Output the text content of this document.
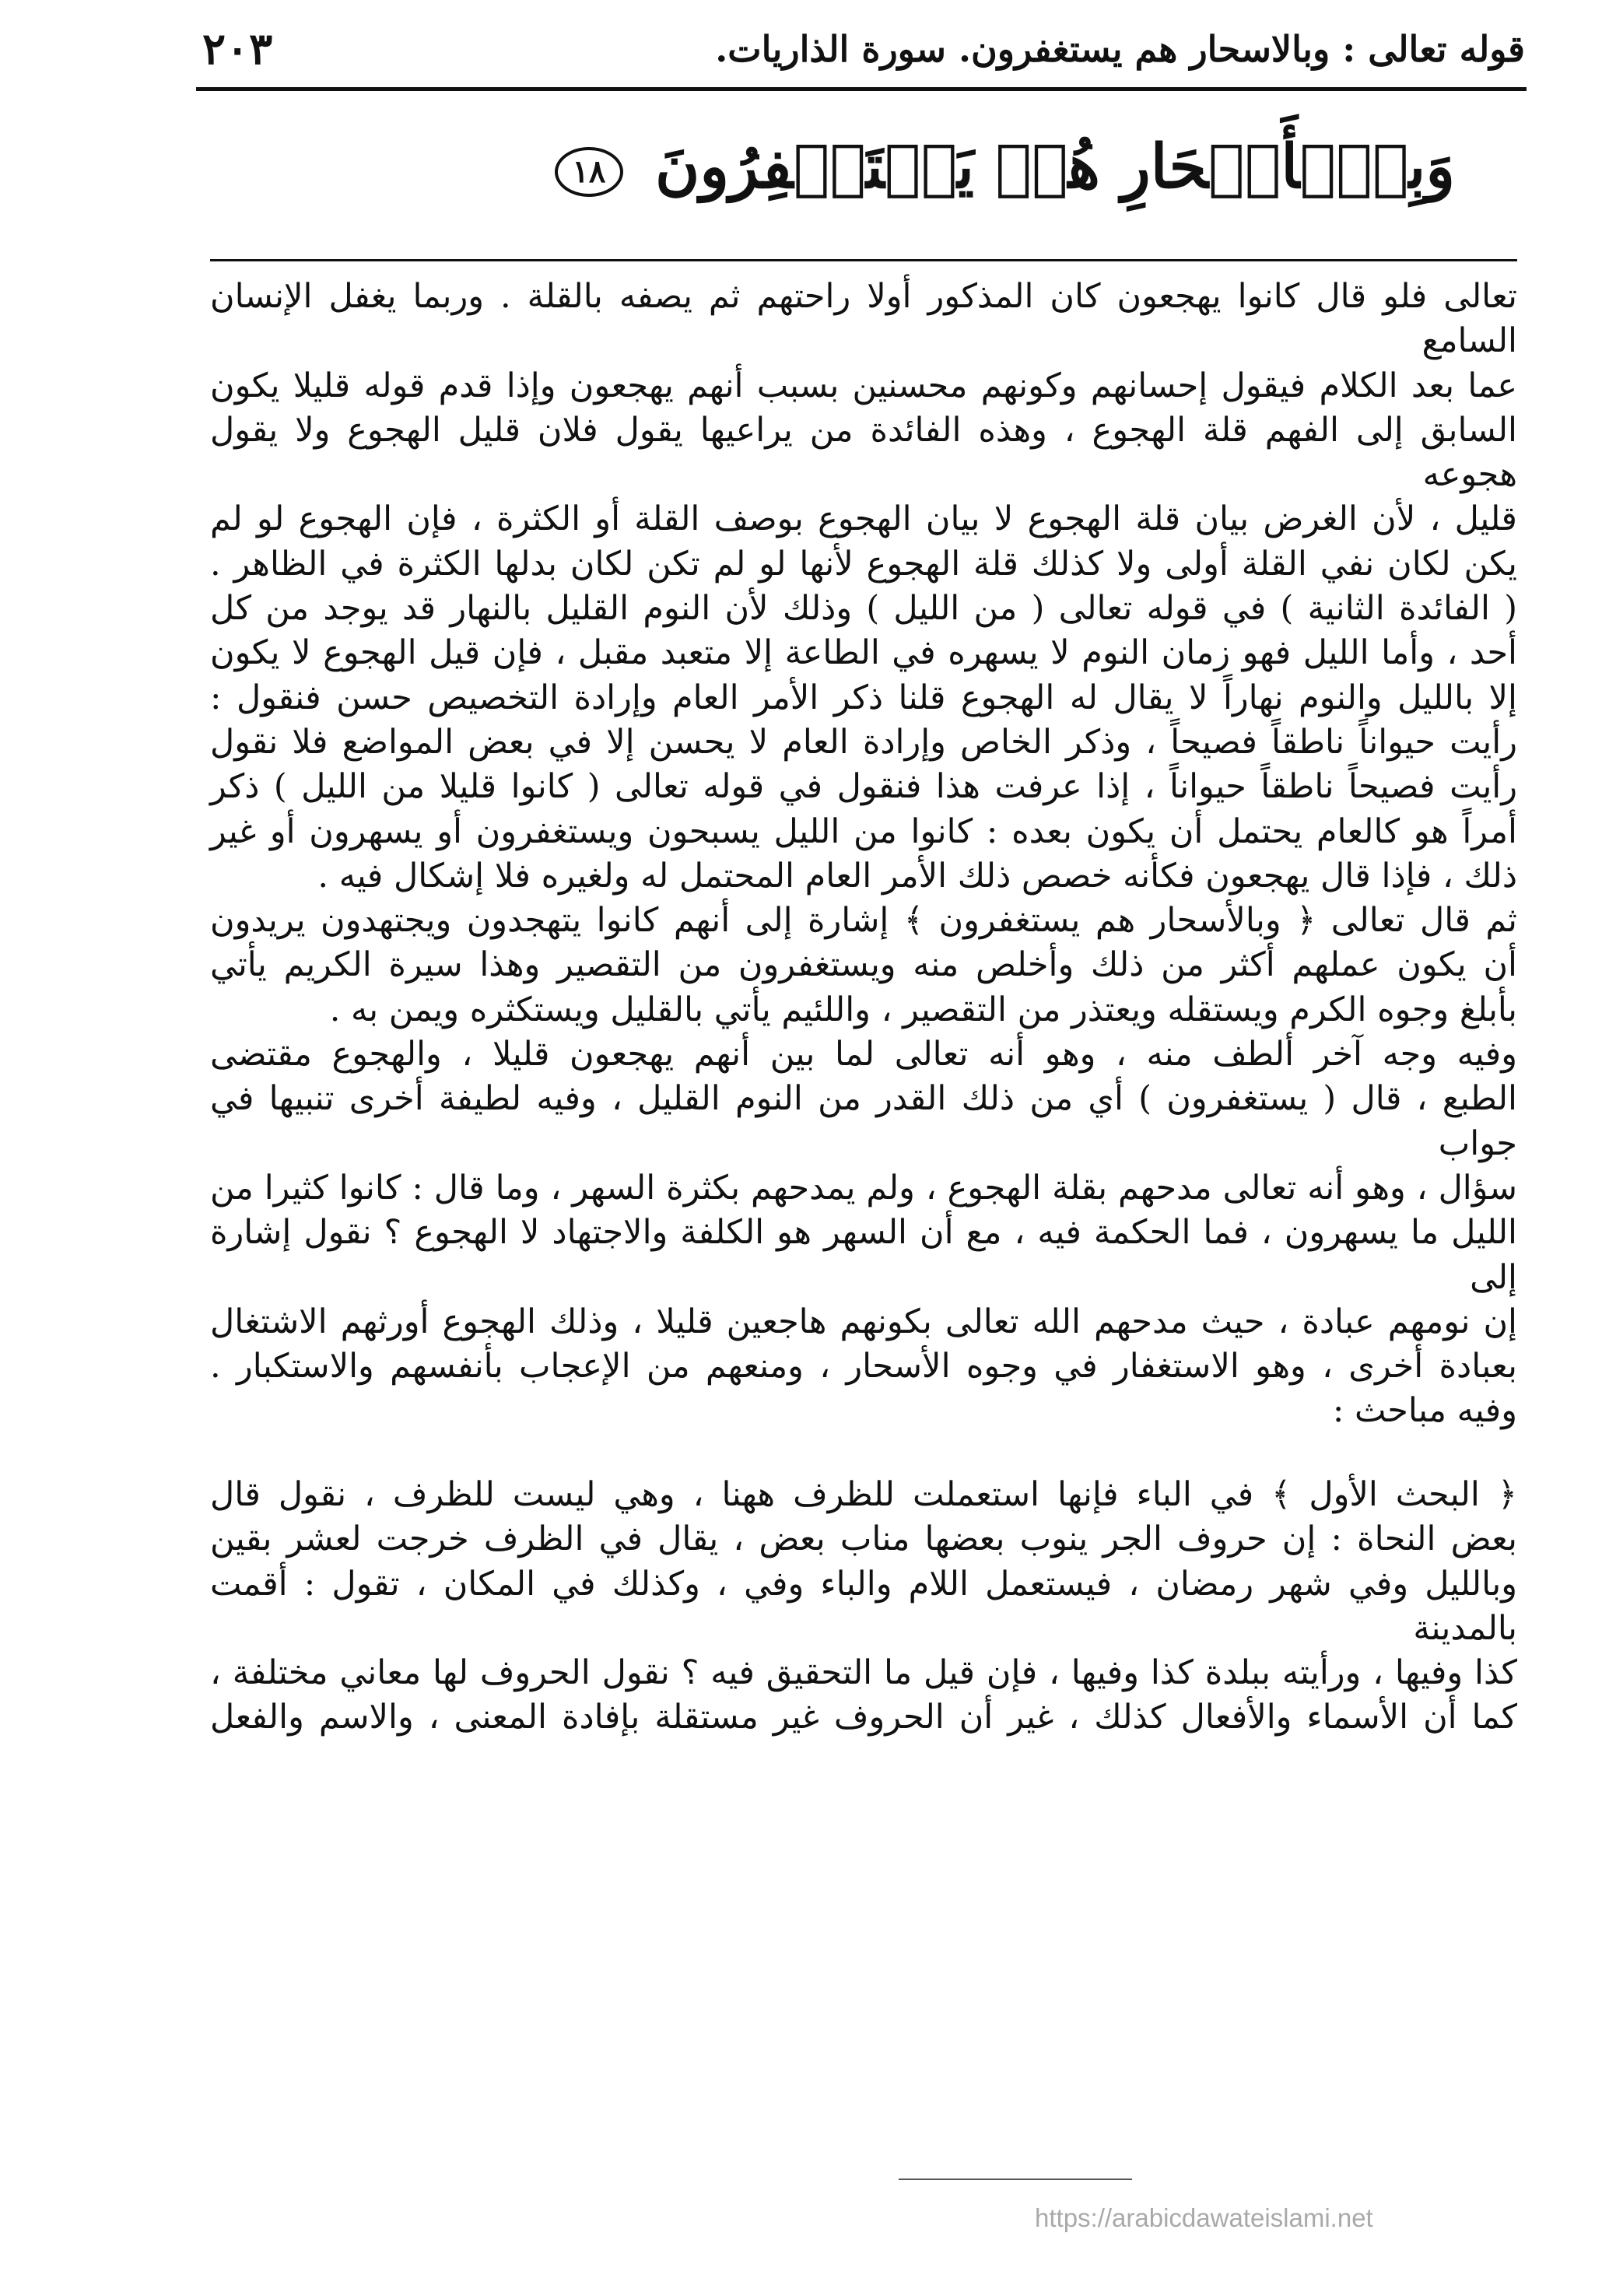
قوله تعالى : وبالاسحار هم يستغفرون. سورة الذاريات.
٢٠٣
وَبِٱلۡأَسۡحَارِ هُمۡ يَسۡتَغۡفِرُونَ ١٨

تعالى فلو قال كانوا يهجعون كان المذكور أولا راحتهم ثم يصفه بالقلة . وربما يغفل الإنسان السامع

عما بعد الكلام فيقول إحسانهم وكونهم محسنين بسبب أنهم يهجعون وإذا قدم قوله قليلا يكون

السابق إلى الفهم قلة الهجوع ، وهذه الفائدة من يراعيها يقول فلان قليل الهجوع ولا يقول هجوعه

قليل ، لأن الغرض بيان قلة الهجوع لا بيان الهجوع بوصف القلة أو الكثرة ، فإن الهجوع لو لم

يكن لكان نفي القلة أولى ولا كذلك قلة الهجوع لأنها لو لم تكن لكان بدلها الكثرة في الظاهر .

( الفائدة الثانية ) في قوله تعالى ( من الليل ) وذلك لأن النوم القليل بالنهار قد يوجد من كل

أحد ، وأما الليل فهو زمان النوم لا يسهره في الطاعة إلا متعبد مقبل ، فإن قيل الهجوع لا يكون

إلا بالليل والنوم نهاراً لا يقال له الهجوع قلنا ذكر الأمر العام وإرادة التخصيص حسن فنقول :

رأيت حيواناً ناطقاً فصيحاً ، وذكر الخاص وإرادة العام لا يحسن إلا في بعض المواضع فلا نقول

رأيت فصيحاً ناطقاً حيواناً ، إذا عرفت هذا فنقول في قوله تعالى ( كانوا قليلا من الليل ) ذكر

أمراً هو كالعام يحتمل أن يكون بعده : كانوا من الليل يسبحون ويستغفرون أو يسهرون أو غير

ذلك ، فإذا قال يهجعون فكأنه خصص ذلك الأمر العام المحتمل له ولغيره فلا إشكال فيه .

ثم قال تعالى ﴿ وبالأسحار هم يستغفرون ﴾ إشارة إلى أنهم كانوا يتهجدون ويجتهدون يريدون

أن يكون عملهم أكثر من ذلك وأخلص منه ويستغفرون من التقصير وهذا سيرة الكريم يأتي

بأبلغ وجوه الكرم ويستقله ويعتذر من التقصير ، واللئيم يأتي بالقليل ويستكثره ويمن به .

وفيه وجه آخر ألطف منه ، وهو أنه تعالى لما بين أنهم يهجعون قليلا ، والهجوع مقتضى

الطبع ، قال ( يستغفرون ) أي من ذلك القدر من النوم القليل ، وفيه لطيفة أخرى تنبيها في جواب

سؤال ، وهو أنه تعالى مدحهم بقلة الهجوع ، ولم يمدحهم بكثرة السهر ، وما قال : كانوا كثيرا من

الليل ما يسهرون ، فما الحكمة فيه ، مع أن السهر هو الكلفة والاجتهاد لا الهجوع ؟ نقول إشارة إلى

إن نومهم عبادة ، حيث مدحهم الله تعالى بكونهم هاجعين قليلا ، وذلك الهجوع أورثهم الاشتغال

بعبادة أخرى ، وهو الاستغفار في وجوه الأسحار ، ومنعهم من الإعجاب بأنفسهم والاستكبار .

وفيه مباحث :

﴿ البحث الأول ﴾ في الباء فإنها استعملت للظرف ههنا ، وهي ليست للظرف ، نقول قال

بعض النحاة : إن حروف الجر ينوب بعضها مناب بعض ، يقال في الظرف خرجت لعشر بقين

وبالليل وفي شهر رمضان ، فيستعمل اللام والباء وفي ، وكذلك في المكان ، تقول : أقمت بالمدينة

كذا وفيها ، ورأيته ببلدة كذا وفيها ، فإن قيل ما التحقيق فيه ؟ نقول الحروف لها معاني مختلفة ،

كما أن الأسماء والأفعال كذلك ، غير أن الحروف غير مستقلة بإفادة المعنى ، والاسم والفعل

https://arabicdawateislami.net
